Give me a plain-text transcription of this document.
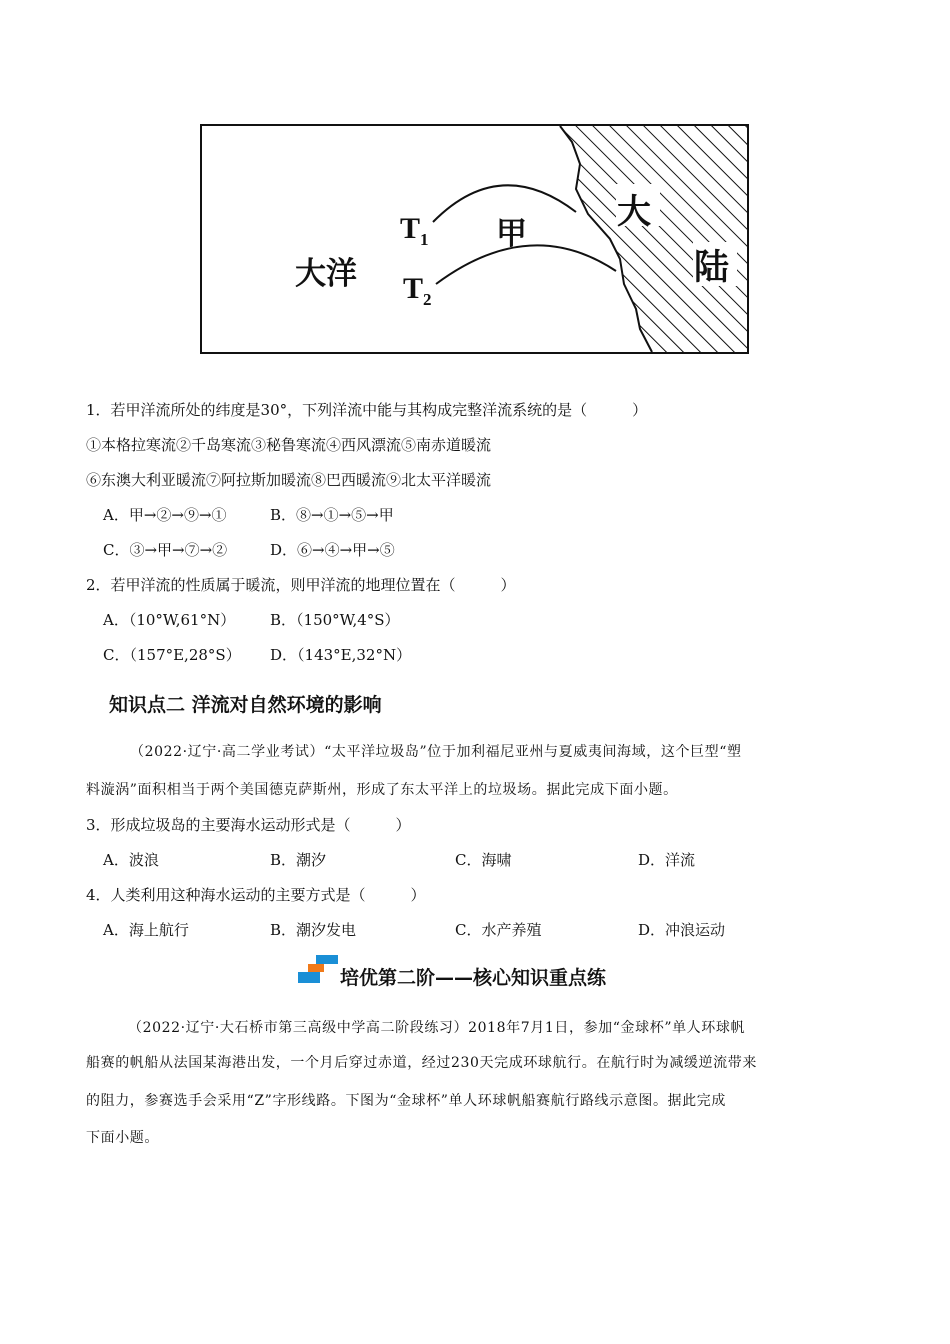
大洋
甲
大
陆
$T_1$
$T_2$
1．若甲洋流所处的纬度是30°，下列洋流中能与其构成完整洋流系统的是（　　　）
①本格拉寒流②千岛寒流③秘鲁寒流④西风漂流⑤南赤道暖流
⑥东澳大利亚暖流⑦阿拉斯加暖流⑧巴西暖流⑨北太平洋暖流
A．甲→②→⑨→①	B．⑧→①→⑤→甲
C．③→甲→⑦→②	D．⑥→④→甲→⑤
2．若甲洋流的性质属于暖流，则甲洋流的地理位置在（　　　）
A．（10°W,61°N） B．（150°W,4°S）
C．（157°E,28°S） D．（143°E,32°N）
知识点二 洋流对自然环境的影响
（2022·辽宁·高二学业考试）“太平洋垃圾岛”位于加利福尼亚州与夏威夷间海域，这个巨型“塑
料漩涡”面积相当于两个美国德克萨斯州，形成了东太平洋上的垃圾场。据此完成下面小题。
3．形成垃圾岛的主要海水运动形式是（　　　）
A．波浪	B．潮汐	C．海啸	D．洋流
4．人类利用这种海水运动的主要方式是（　　　）
A．海上航行	B．潮汐发电	C．水产养殖	D．冲浪运动
培优第二阶——核心知识重点练
（2022·辽宁·大石桥市第三高级中学高二阶段练习）2018年7月1日，参加“金球杯”单人环球帆
船赛的帆船从法国某海港出发，一个月后穿过赤道，经过230天完成环球航行。在航行时为减缓逆流带来
的阻力，参赛选手会采用“Z”字形线路。下图为“金球杯”单人环球帆船赛航行路线示意图。据此完成
下面小题。
